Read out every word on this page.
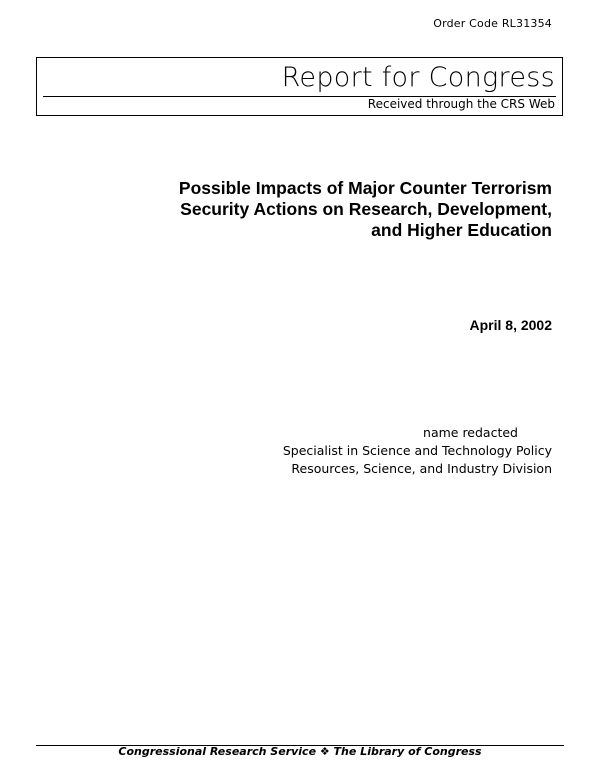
Order Code RL31354
Report for Congress
Received through the CRS Web
Possible Impacts of Major Counter Terrorism
Security Actions on Research, Development,
and Higher Education
April 8, 2002
name redacted
Specialist in Science and Technology Policy
Resources, Science, and Industry Division
Congressional Research Service ❖ The Library of Congress
